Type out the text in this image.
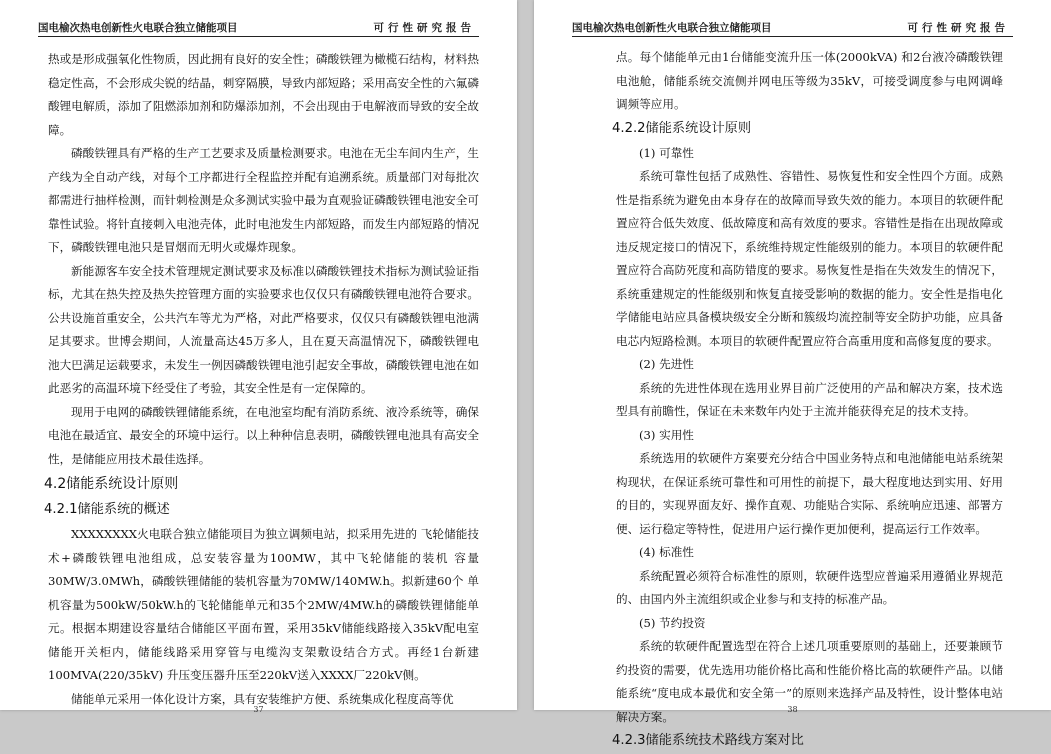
国电榆次热电创新性火电联合独立储能项目	可行性研究报告

热或是形成强氧化性物质，因此拥有良好的安全性；磷酸铁锂为橄榄石结构，材料热稳定性高，不会形成尖锐的结晶，刺穿隔膜，导致内部短路；采用高安全性的六氟磷酸锂电解质，添加了阻燃添加剂和防爆添加剂，不会出现由于电解液而导致的安全故障。

磷酸铁锂具有严格的生产工艺要求及质量检测要求。电池在无尘车间内生产，生产线为全自动产线，对每个工序都进行全程监控并配有追溯系统。质量部门对每批次都需进行抽样检测，而针刺检测是众多测试实验中最为直观验证磷酸铁锂电池安全可靠性试验。将针直接刺入电池壳体，此时电池发生内部短路，而发生内部短路的情况下，磷酸铁锂电池只是冒烟而无明火或爆炸现象。

新能源客车安全技术管理规定测试要求及标准以磷酸铁锂技术指标为测试验证指标，尤其在热失控及热失控管理方面的实验要求也仅仅只有磷酸铁锂电池符合要求。公共设施首重安全，公共汽车等尤为严格，对此严格要求，仅仅只有磷酸铁锂电池满足其要求。世博会期间，人流量高达45万多人，且在夏天高温情况下，磷酸铁锂电池大巴满足运载要求，未发生一例因磷酸铁锂电池引起安全事故，磷酸铁锂电池在如此恶劣的高温环境下经受住了考验，其安全性是有一定保障的。

现用于电网的磷酸铁锂储能系统，在电池室均配有消防系统、液冷系统等，确保电池在最适宜、最安全的环境中运行。以上种种信息表明，磷酸铁锂电池具有高安全性，是储能应用技术最佳选择。

4.2储能系统设计原则
4.2.1储能系统的概述

XXXXXXXX火电联合独立储能项目为独立调频电站，拟采用先进的 飞轮储能技术+磷酸铁锂电池组成，总安装容量为100MW，其中飞轮储能的装机 容量30MW/3.0MWh，磷酸铁锂储能的装机容量为70MW/140MW.h。拟新建60个 单机容量为500kW/50kW.h的飞轮储能单元和35个2MW/4MW.h的磷酸铁锂储能单元。根据本期建设容量结合储能区平面布置，采用35kV储能线路接入35kV配电室储能开关柜内，储能线路采用穿管与电缆沟支架敷设结合方式。再经1台新建100MVA(220/35kV) 升压变压器升压至220kV送入XXXX厂220kV侧。

储能单元采用一体化设计方案，具有安装维护方便、系统集成化程度高等优

37
国电榆次热电创新性火电联合独立储能项目	可行性研究报告

点。每个储能单元由1台储能变流升压一体(2000kVA) 和2台液冷磷酸铁锂电池舱，储能系统交流侧并网电压等级为35kV，可接受调度参与电网调峰调频等应用。

4.2.2储能系统设计原则

(1) 可靠性

系统可靠性包括了成熟性、容错性、易恢复性和安全性四个方面。成熟性是指系统为避免由本身存在的故障而导致失效的能力。本项目的软硬件配置应符合低失效度、低故障度和高有效度的要求。容错性是指在出现故障或违反规定接口的情况下，系统维持规定性能级别的能力。本项目的软硬件配置应符合高防死度和高防错度的要求。易恢复性是指在失效发生的情况下，系统重建规定的性能级别和恢复直接受影响的数据的能力。安全性是指电化学储能电站应具备模块级安全分断和簇级均流控制等安全防护功能，应具备电芯内短路检测。本项目的软硬件配置应符合高重用度和高修复度的要求。

(2) 先进性

系统的先进性体现在选用业界目前广泛使用的产品和解决方案，技术选型具有前瞻性，保证在未来数年内处于主流并能获得充足的技术支持。

(3) 实用性

系统选用的软硬件方案要充分结合中国业务特点和电池储能电站系统架构现状，在保证系统可靠性和可用性的前提下，最大程度地达到实用、好用的目的，实现界面友好、操作直观、功能贴合实际、系统响应迅速、部署方便、运行稳定等特性，促进用户运行操作更加便利，提高运行工作效率。

(4) 标准性

系统配置必须符合标准性的原则，软硬件选型应普遍采用遵循业界规范的、由国内外主流组织或企业参与和支持的标准产品。

(5) 节约投资

系统的软硬件配置选型在符合上述几项重要原则的基础上，还要兼顾节约投资的需要，优先选用功能价格比高和性能价格比高的软硬件产品。以储能系统“度电成本最优和安全第一”的原则来选择产品及特性，设计整体电站解决方案。

4.2.3储能系统技术路线方案对比
38
